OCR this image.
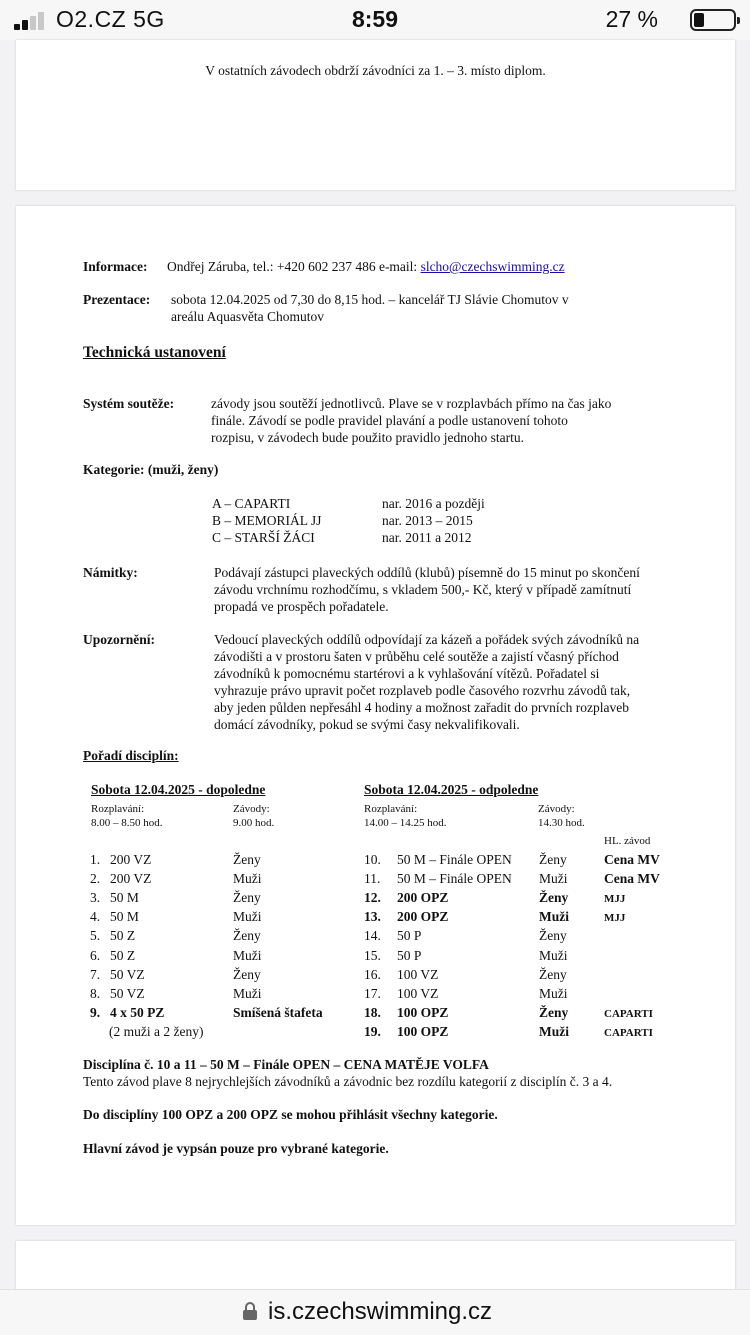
O2.CZ 5G	8:59	27 %
V ostatních závodech obdrží závodníci za 1. – 3. místo diplom.
Informace: Ondřej Záruba, tel.: +420 602 237 486 e-mail: slcho@czechswimming.cz
Prezentace: sobota 12.04.2025 od 7,30 do 8,15 hod. – kancelář TJ Slávie Chomutov v
areálu Aquasvěta Chomutov
Technická ustanovení
Systém soutěže:	závody jsou soutěží jednotlivců. Plave se v rozplavbách přímo na čas jako
finále. Závodí se podle pravidel plavání a podle ustanovení tohoto
rozpisu, v závodech bude použito pravidlo jednoho startu.
Kategorie: (muži, ženy)
A – CAPARTI	nar. 2016 a později
B – MEMORIÁL JJ	nar. 2013 – 2015
C – STARŠÍ ŽÁCI	nar. 2011 a 2012
Námitky:	Podávají zástupci plaveckých oddílů (klubů) písemně do 15 minut po skončení
závodu vrchnímu rozhodčímu, s vkladem 500,- Kč, který v případě zamítnutí
propadá ve prospěch pořadatele.
Upozornění:	Vedoucí plaveckých oddílů odpovídají za kázeň a pořádek svých závodníků na
závodišti a v prostoru šaten v průběhu celé soutěže a zajistí včasný příchod
závodníků k pomocnému startérovi a k vyhlašování vítězů. Pořadatel si
vyhrazuje právo upravit počet rozplaveb podle časového rozvrhu závodů tak,
aby jeden půlden nepřesáhl 4 hodiny a možnost zařadit do prvních rozplaveb
domácí závodníky, pokud se svými časy nekvalifikovali.
Pořadí disciplín:
Sobota 12.04.2025 - dopoledne
Rozplavání:
8.00 – 8.50 hod.
Závody:
9.00 hod.
Sobota 12.04.2025 - odpoledne
Rozplavání:
14.00 – 14.25 hod.
Závody:
14.30 hod.
HL. závod
1. 200 VZ	Ženy
2. 200 VZ	Muži
3. 50 M	Ženy
4. 50 M	Muži
5. 50 Z	Ženy
6. 50 Z	Muži
7. 50 VZ	Ženy
8. 50 VZ	Muži
9. 4 x 50 PZ	Smíšená štafeta
(2 muži a 2 ženy)
10. 50 M – Finále OPEN Ženy	Cena MV
11. 50 M – Finále OPEN Muži	Cena MV
12. 200 OPZ	Ženy	MJJ
13. 200 OPZ	Muži	MJJ
14. 50 P	Ženy
15. 50 P	Muži
16. 100 VZ	Ženy
17. 100 VZ	Muži
18. 100 OPZ	Ženy	CAPARTI
19. 100 OPZ	Muži	CAPARTI
Disciplína č. 10 a 11 – 50 M – Finále OPEN – CENA MATĚJE VOLFA
Tento závod plave 8 nejrychlejších závodníků a závodnic bez rozdílu kategorií z disciplín č. 3 a 4.
Do disciplíny 100 OPZ a 200 OPZ se mohou přihlásit všechny kategorie.
Hlavní závod je vypsán pouze pro vybrané kategorie.
is.czechswimming.cz
